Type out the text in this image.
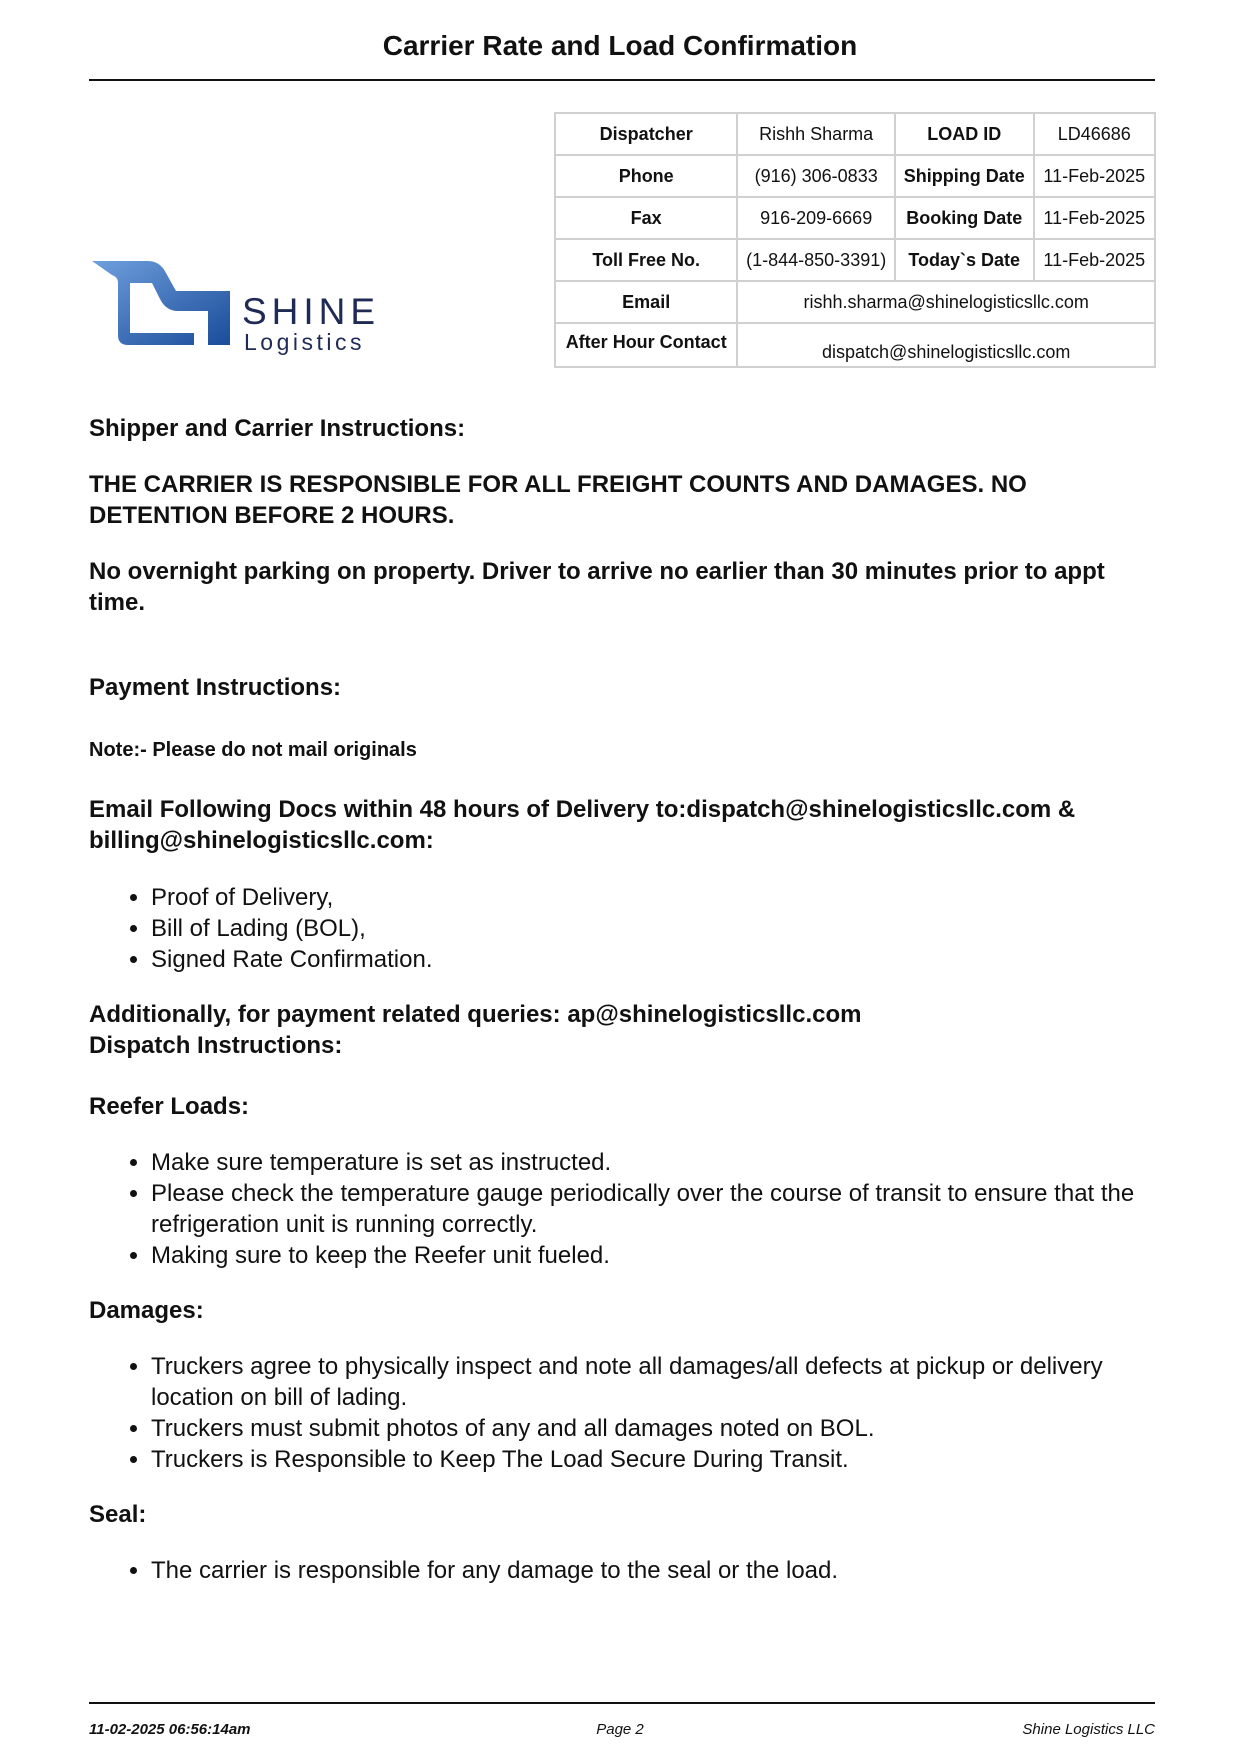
Carrier Rate and Load Confirmation
SHINE
Logistics
Dispatcher	Rishh Sharma	LOAD ID	LD46686
Phone	(916) 306-0833	Shipping Date	11-Feb-2025
Fax	916-209-6669	Booking Date	11-Feb-2025
Toll Free No.	(1-844-850-3391)	Today`s Date	11-Feb-2025
Email	rishh.sharma@shinelogisticsllc.com		
After Hour Contact	dispatch@shinelogisticsllc.com		

Shipper and Carrier Instructions:

THE CARRIER IS RESPONSIBLE FOR ALL FREIGHT COUNTS AND DAMAGES. NO DETENTION BEFORE 2 HOURS.

No overnight parking on property. Driver to arrive no earlier than 30 minutes prior to appt time.

Payment Instructions:

Note:- Please do not mail originals

Email Following Docs within 48 hours of Delivery to:dispatch@shinelogisticsllc.com & billing@shinelogisticsllc.com:

• Proof of Delivery,
• Bill of Lading (BOL),
• Signed Rate Confirmation.

Additionally, for payment related queries: ap@shinelogisticsllc.com

Dispatch Instructions:

Reefer Loads:

• Make sure temperature is set as instructed.
• Please check the temperature gauge periodically over the course of transit to ensure that the refrigeration unit is running correctly.
• Making sure to keep the Reefer unit fueled.

Damages:

• Truckers agree to physically inspect and note all damages/all defects at pickup or delivery location on bill of lading.
• Truckers must submit photos of any and all damages noted on BOL.
• Truckers is Responsible to Keep The Load Secure During Transit.

Seal:

• The carrier is responsible for any damage to the seal or the load.
11-02-2025 06:56:14am	Page 2	Shine Logistics LLC
